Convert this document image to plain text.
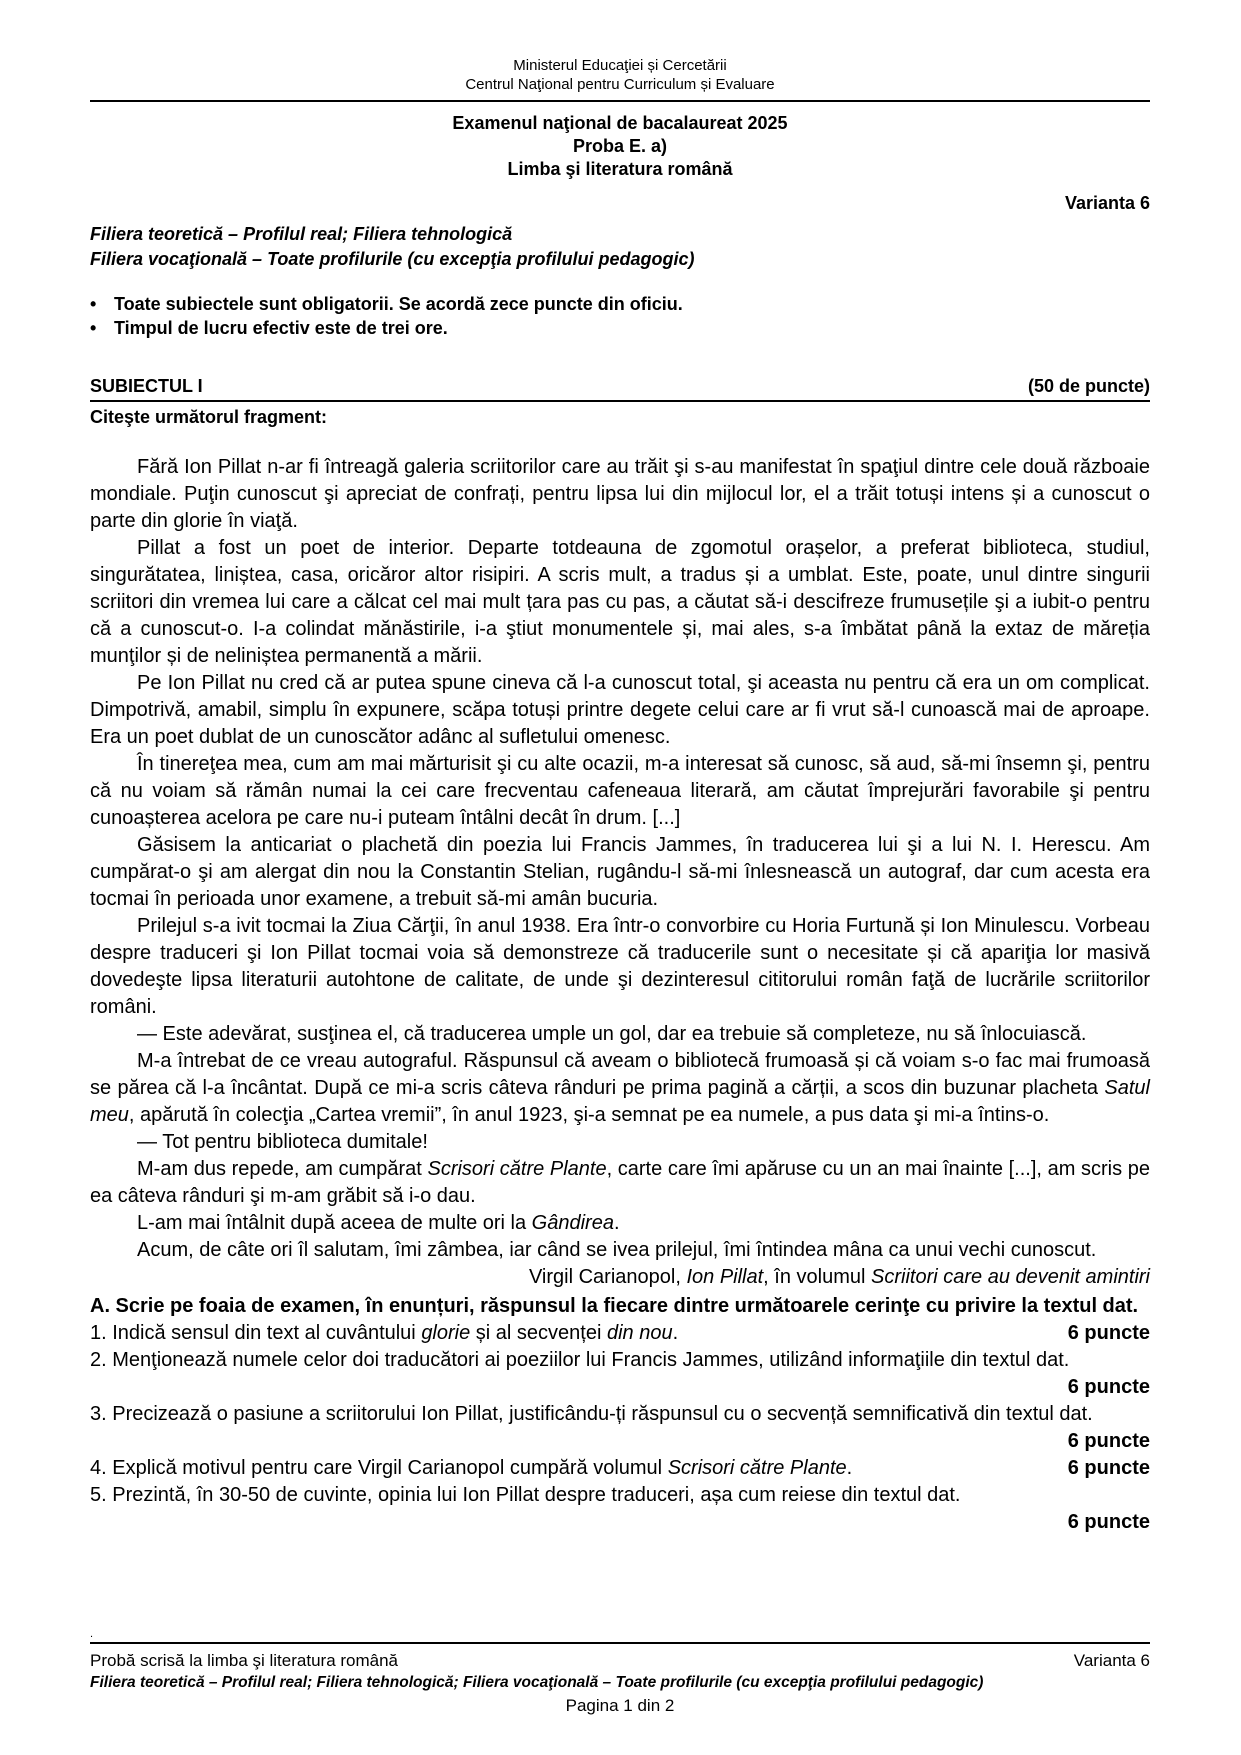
Ministerul Educaţiei și Cercetării
Centrul Naţional pentru Curriculum și Evaluare
Examenul naţional de bacalaureat 2025
Proba E. a)
Limba şi literatura română
Varianta 6
Filiera teoretică – Profilul real; Filiera tehnologică
Filiera vocaţională – Toate profilurile (cu excepţia profilului pedagogic)
• Toate subiectele sunt obligatorii. Se acordă zece puncte din oficiu.
• Timpul de lucru efectiv este de trei ore.
SUBIECTUL I	(50 de puncte)
Citeşte următorul fragment:

Fără Ion Pillat n-ar fi întreagă galeria scriitorilor care au trăit şi s-au manifestat în spaţiul dintre cele două războaie mondiale. Puţin cunoscut şi apreciat de confrați, pentru lipsa lui din mijlocul lor, el a trăit totuși intens și a cunoscut o parte din glorie în viaţă.

Pillat a fost un poet de interior. Departe totdeauna de zgomotul orașelor, a preferat biblioteca, studiul, singurătatea, liniștea, casa, oricăror altor risipiri. A scris mult, a tradus și a umblat. Este, poate, unul dintre singurii scriitori din vremea lui care a călcat cel mai mult țara pas cu pas, a căutat să-i descifreze frumusețile şi a iubit-o pentru că a cunoscut-o. I-a colindat mănăstirile, i-a ştiut monumentele și, mai ales, s-a îmbătat până la extaz de măreția munţilor și de neliniștea permanentă a mării.

Pe Ion Pillat nu cred că ar putea spune cineva că l-a cunoscut total, şi aceasta nu pentru că era un om complicat. Dimpotrivă, amabil, simplu în expunere, scăpa totuși printre degete celui care ar fi vrut să-l cunoască mai de aproape. Era un poet dublat de un cunoscător adânc al sufletului omenesc.

În tinereţea mea, cum am mai mărturisit şi cu alte ocazii, m-a interesat să cunosc, să aud, să-mi însemn şi, pentru că nu voiam să rămân numai la cei care frecventau cafeneaua literară, am căutat împrejurări favorabile şi pentru cunoașterea acelora pe care nu-i puteam întâlni decât în drum. [...]

Găsisem la anticariat o plachetă din poezia lui Francis Jammes, în traducerea lui şi a lui N. I. Herescu. Am cumpărat-o şi am alergat din nou la Constantin Stelian, rugându-l să-mi înlesnească un autograf, dar cum acesta era tocmai în perioada unor examene, a trebuit să-mi amân bucuria.

Prilejul s-a ivit tocmai la Ziua Cărţii, în anul 1938. Era într-o convorbire cu Horia Furtună și Ion Minulescu. Vorbeau despre traduceri şi Ion Pillat tocmai voia să demonstreze că traducerile sunt o necesitate și că apariţia lor masivă dovedeşte lipsa literaturii autohtone de calitate, de unde şi dezinteresul cititorului român faţă de lucrările scriitorilor români.

— Este adevărat, susţinea el, că traducerea umple un gol, dar ea trebuie să completeze, nu să înlocuiască.

M-a întrebat de ce vreau autograful. Răspunsul că aveam o bibliotecă frumoasă și că voiam s-o fac mai frumoasă se părea că l-a încântat. După ce mi-a scris câteva rânduri pe prima pagină a cărții, a scos din buzunar placheta Satul meu, apărută în colecţia „Cartea vremii”, în anul 1923, şi-a semnat pe ea numele, a pus data şi mi-a întins-o.

— Tot pentru biblioteca dumitale!

M-am dus repede, am cumpărat Scrisori către Plante, carte care îmi apăruse cu un an mai înainte [...], am scris pe ea câteva rânduri şi m-am grăbit să i-o dau.

L-am mai întâlnit după aceea de multe ori la Gândirea.

Acum, de câte ori îl salutam, îmi zâmbea, iar când se ivea prilejul, îmi întindea mâna ca unui vechi cunoscut.

Virgil Carianopol, Ion Pillat, în volumul Scriitori care au devenit amintiri

A. Scrie pe foaia de examen, în enunțuri, răspunsul la fiecare dintre următoarele cerinţe cu privire la textul dat.
1. Indică sensul din text al cuvântului glorie și al secvenței din nou.	6 puncte
2. Menţionează numele celor doi traducători ai poeziilor lui Francis Jammes, utilizând informaţiile din textul dat.
6 puncte
3. Precizează o pasiune a scriitorului Ion Pillat, justificându-ți răspunsul cu o secvență semnificativă din textul dat.
6 puncte
4. Explică motivul pentru care Virgil Carianopol cumpără volumul Scrisori către Plante.	6 puncte
5. Prezintă, în 30-50 de cuvinte, opinia lui Ion Pillat despre traduceri, așa cum reiese din textul dat.
6 puncte
.
Probă scrisă la limba şi literatura română	Varianta 6
Filiera teoretică – Profilul real; Filiera tehnologică; Filiera vocaţională – Toate profilurile (cu excepţia profilului pedagogic)
Pagina 1 din 2
